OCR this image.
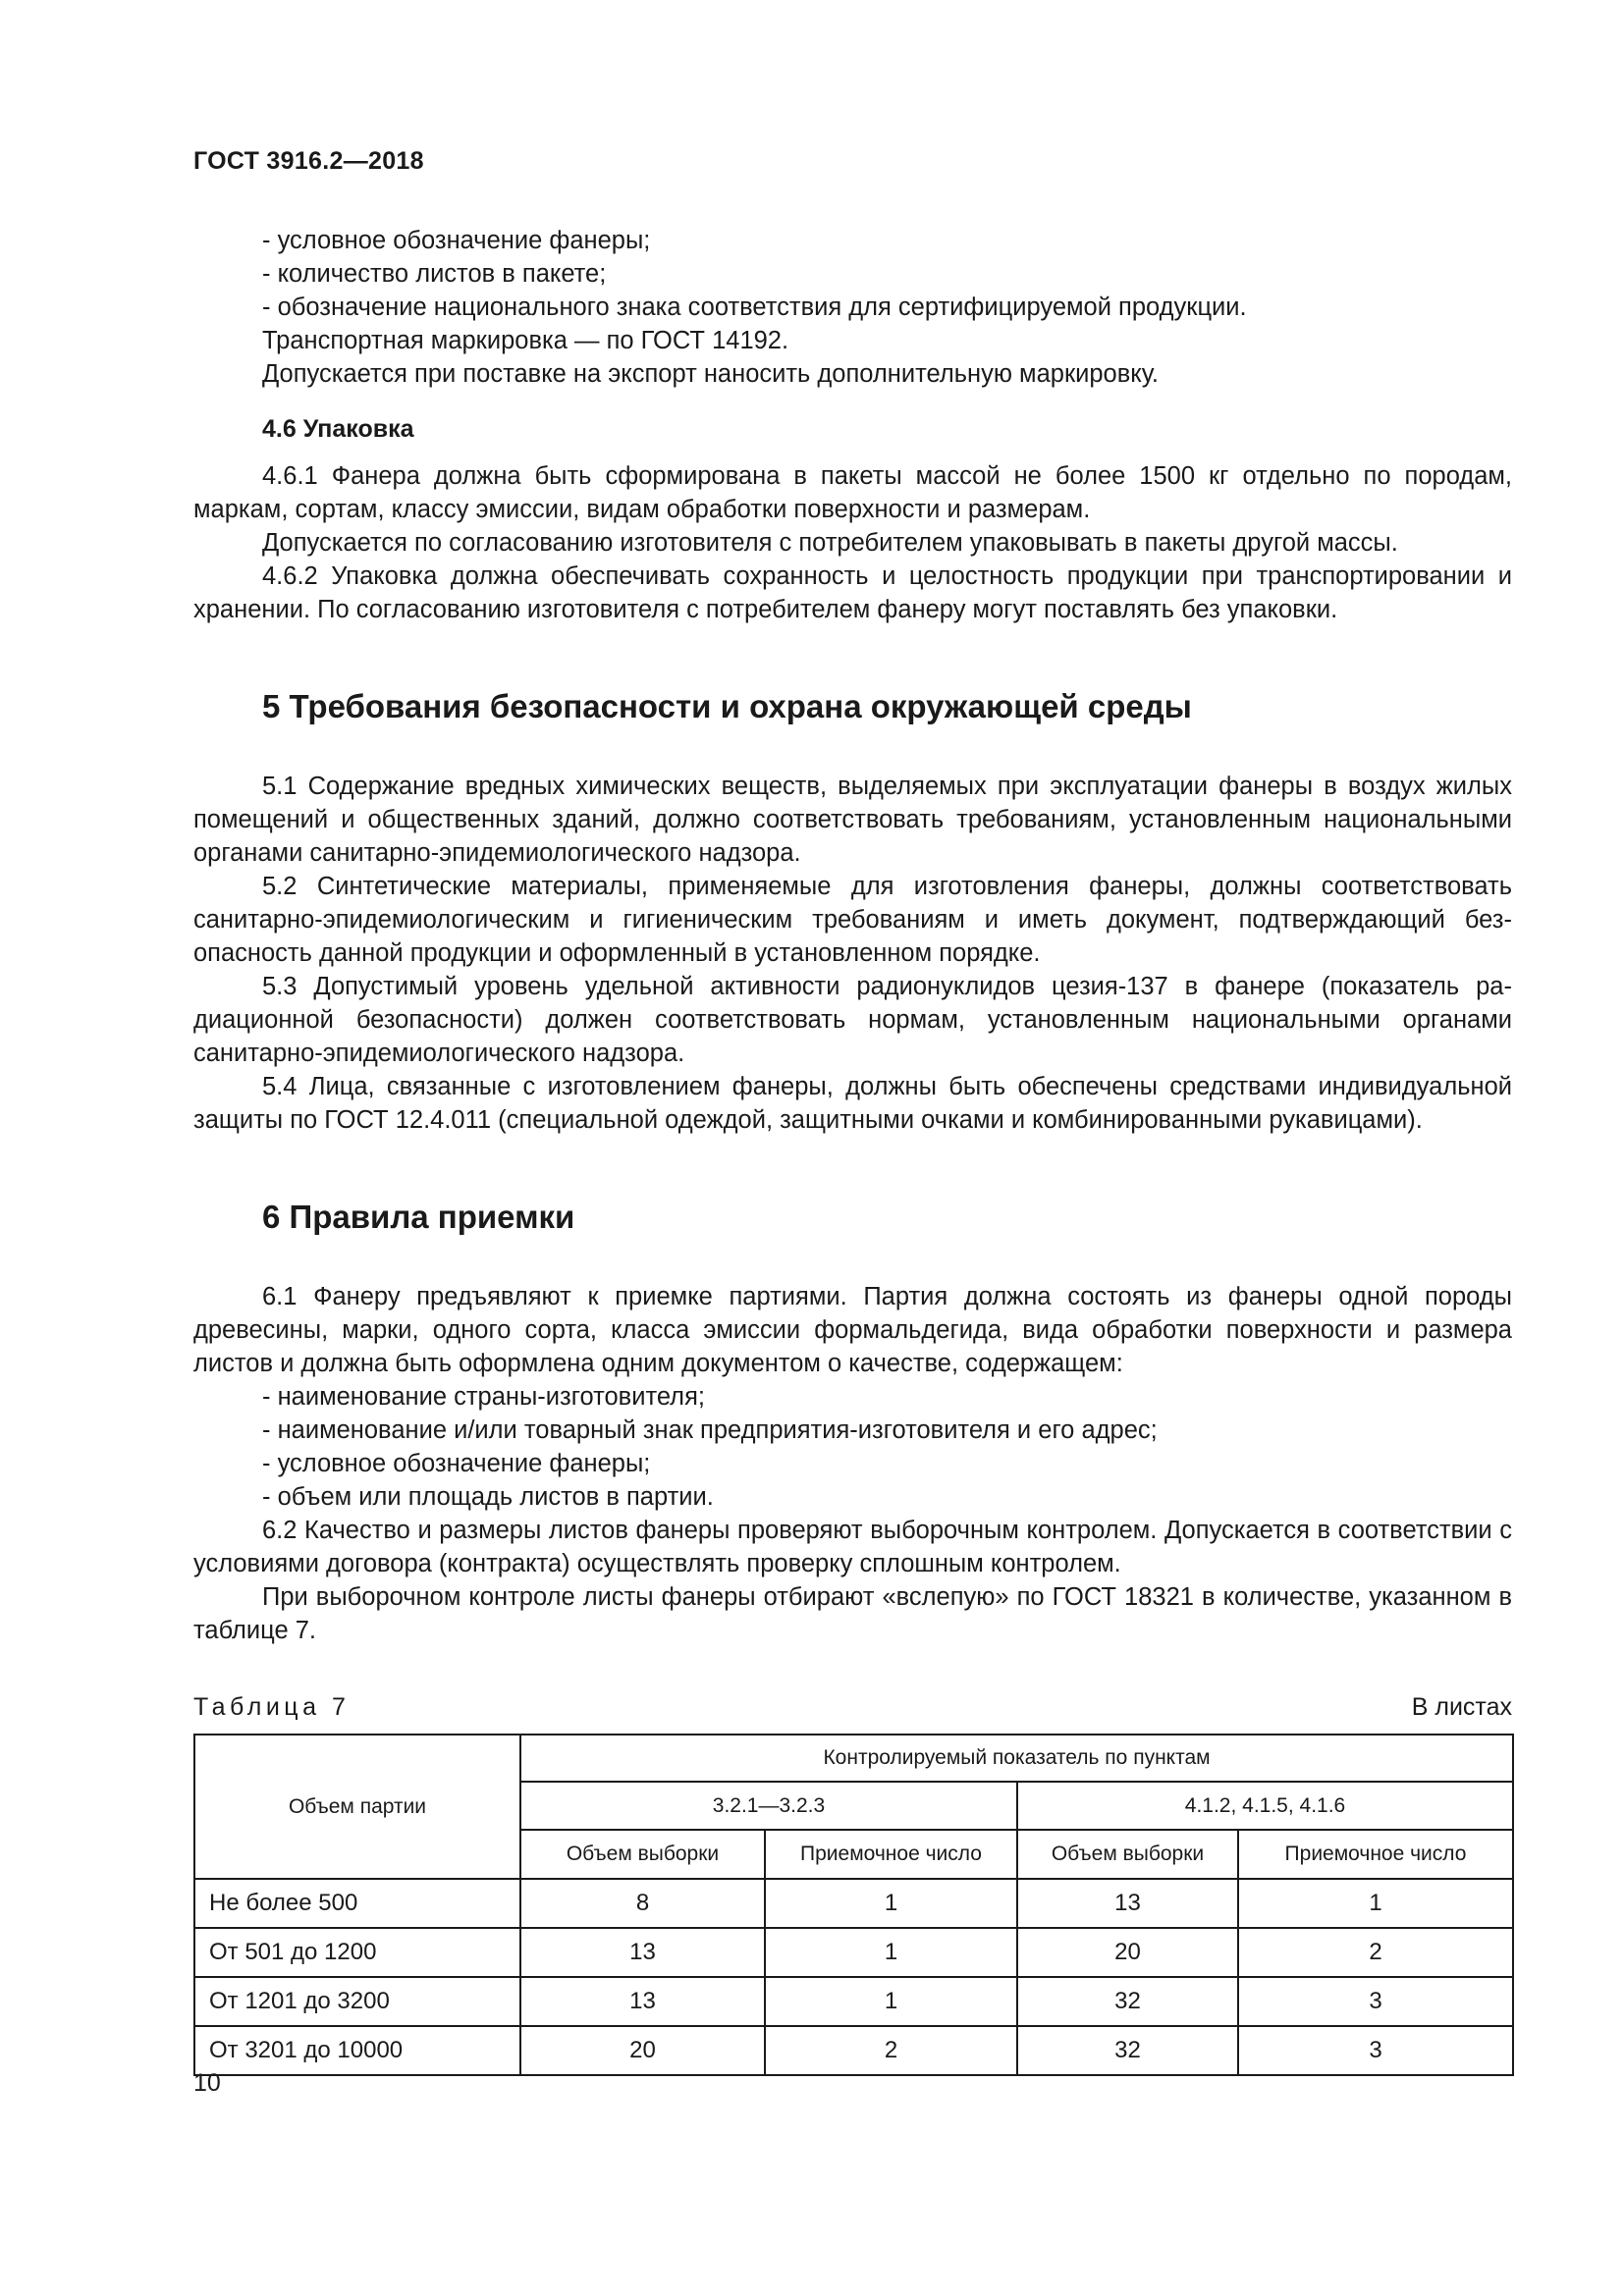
ГОСТ 3916.2—2018

- условное обозначение фанеры;

- количество листов в пакете;

- обозначение национального знака соответствия для сертифицируемой продукции.

Транспортная маркировка — по ГОСТ 14192.

Допускается при поставке на экспорт наносить дополнительную маркировку.

4.6 Упаковка

4.6.1 Фанера должна быть сформирована в пакеты массой не более 1500 кг отдельно по породам, маркам, сортам, классу эмиссии, видам обработки поверхности и размерам.

Допускается по согласованию изготовителя с потребителем упаковывать в пакеты другой массы.

4.6.2 Упаковка должна обеспечивать сохранность и целостность продукции при транспортировании и хранении. По согласованию изготовителя с потребителем фанеру могут поставлять без упаковки.

5 Требования безопасности и охрана окружающей среды

5.1 Содержание вредных химических веществ, выделяемых при эксплуатации фанеры в воздух жилых помещений и общественных зданий, должно соответствовать требованиям, установленным национальными органами санитарно-эпидемиологического надзора.

5.2 Синтетические материалы, применяемые для изготовления фанеры, должны соответствовать санитарно-эпидемиологическим и гигиеническим требованиям и иметь документ, подтверждающий безопасность данной продукции и оформленный в установленном порядке.

5.3 Допустимый уровень удельной активности радионуклидов цезия-137 в фанере (показатель радиационной безопасности) должен соответствовать нормам, установленным национальными органами санитарно-эпидемиологического надзора.

5.4 Лица, связанные с изготовлением фанеры, должны быть обеспечены средствами индивидуальной защиты по ГОСТ 12.4.011 (специальной одеждой, защитными очками и комбинированными рукавицами).

6 Правила приемки

6.1 Фанеру предъявляют к приемке партиями. Партия должна состоять из фанеры одной породы древесины, марки, одного сорта, класса эмиссии формальдегида, вида обработки поверхности и размера листов и должна быть оформлена одним документом о качестве, содержащем:

- наименование страны-изготовителя;

- наименование и/или товарный знак предприятия-изготовителя и его адрес;

- условное обозначение фанеры;

- объем или площадь листов в партии.

6.2 Качество и размеры листов фанеры проверяют выборочным контролем. Допускается в соответствии с условиями договора (контракта) осуществлять проверку сплошным контролем.

При выборочном контроле листы фанеры отбирают «вслепую» по ГОСТ 18321 в количестве, указанном в таблице 7.

Таблица 7	В листах
Объем партии	Контролируемый показатель по пунктам			
	3.2.1—3.2.3		4.1.2, 4.1.5, 4.1.6	
	Объем выборки	Приемочное число	Объем выборки	Приемочное число
Не более 500	8	1	13	1
От 501 до 1200	13	1	20	2
От 1201 до 3200	13	1	32	3
От 3201 до 10000	20	2	32	3
10
